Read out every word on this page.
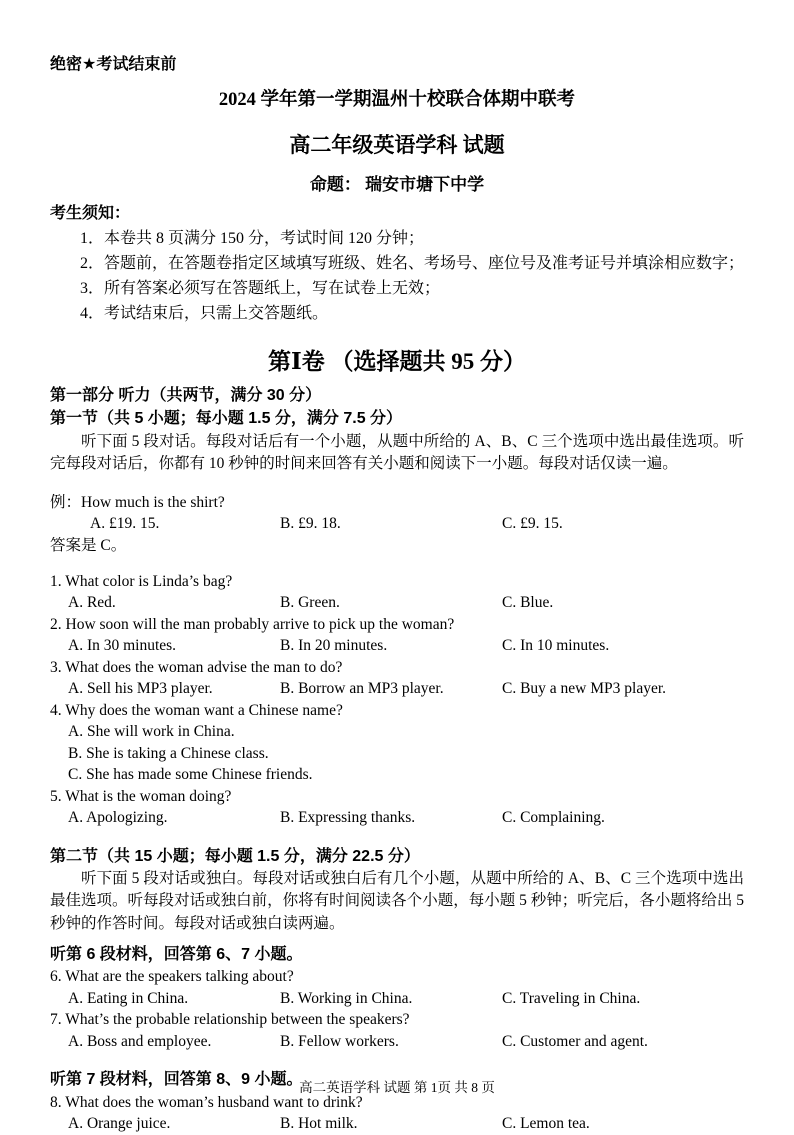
绝密★考试结束前
2024 学年第一学期温州十校联合体期中联考
高二年级英语学科 试题
命题： 瑞安市塘下中学
考生须知：
1．本卷共 8 页满分 150 分，考试时间 120 分钟；
2．答题前，在答题卷指定区域填写班级、姓名、考场号、座位号及准考证号并填涂相应数字；
3．所有答案必须写在答题纸上，写在试卷上无效；
4．考试结束后，只需上交答题纸。
第Ⅰ卷 （选择题共 95 分）
第一部分 听力（共两节，满分 30 分）
第一节（共 5 小题；每小题 1.5 分，满分 7.5 分）

听下面 5 段对话。每段对话后有一个小题，从题中所给的 A、B、C 三个选项中选出最佳选项。听完每段对话后，你都有 10 秒钟的时间来回答有关小题和阅读下一小题。每段对话仅读一遍。

例：How much is the shirt?
A. £19. 15.	B. £9. 18.	C. £9. 15.

答案是 C。

1. What color is Linda’s bag?
A. Red.	B. Green.	C. Blue.
2. How soon will the man probably arrive to pick up the woman?
A. In 30 minutes.	B. In 20 minutes.	C. In 10 minutes.
3. What does the woman advise the man to do?
A. Sell his MP3 player.	B. Borrow an MP3 player.	C. Buy a new MP3 player.
4. Why does the woman want a Chinese name?
A. She will work in China.
B. She is taking a Chinese class.
C. She has made some Chinese friends.
5. What is the woman doing?
A. Apologizing.	B. Expressing thanks.	C. Complaining.
第二节（共 15 小题；每小题 1.5 分，满分 22.5 分）

听下面 5 段对话或独白。每段对话或独白后有几个小题，从题中所给的 A、B、C 三个选项中选出最佳选项。听每段对话或独白前，你将有时间阅读各个小题，每小题 5 秒钟；听完后，各小题将给出 5 秒钟的作答时间。每段对话或独白读两遍。

听第 6 段材料，回答第 6、7 小题。
6. What are the speakers talking about?
A. Eating in China.	B. Working in China.	C. Traveling in China.
7. What’s the probable relationship between the speakers?
A. Boss and employee.	B. Fellow workers.	C. Customer and agent.
听第 7 段材料，回答第 8、9 小题。
8. What does the woman’s husband want to drink?
A. Orange juice.	B. Hot milk.	C. Lemon tea.
高二英语学科 试题 第 1页 共 8 页
